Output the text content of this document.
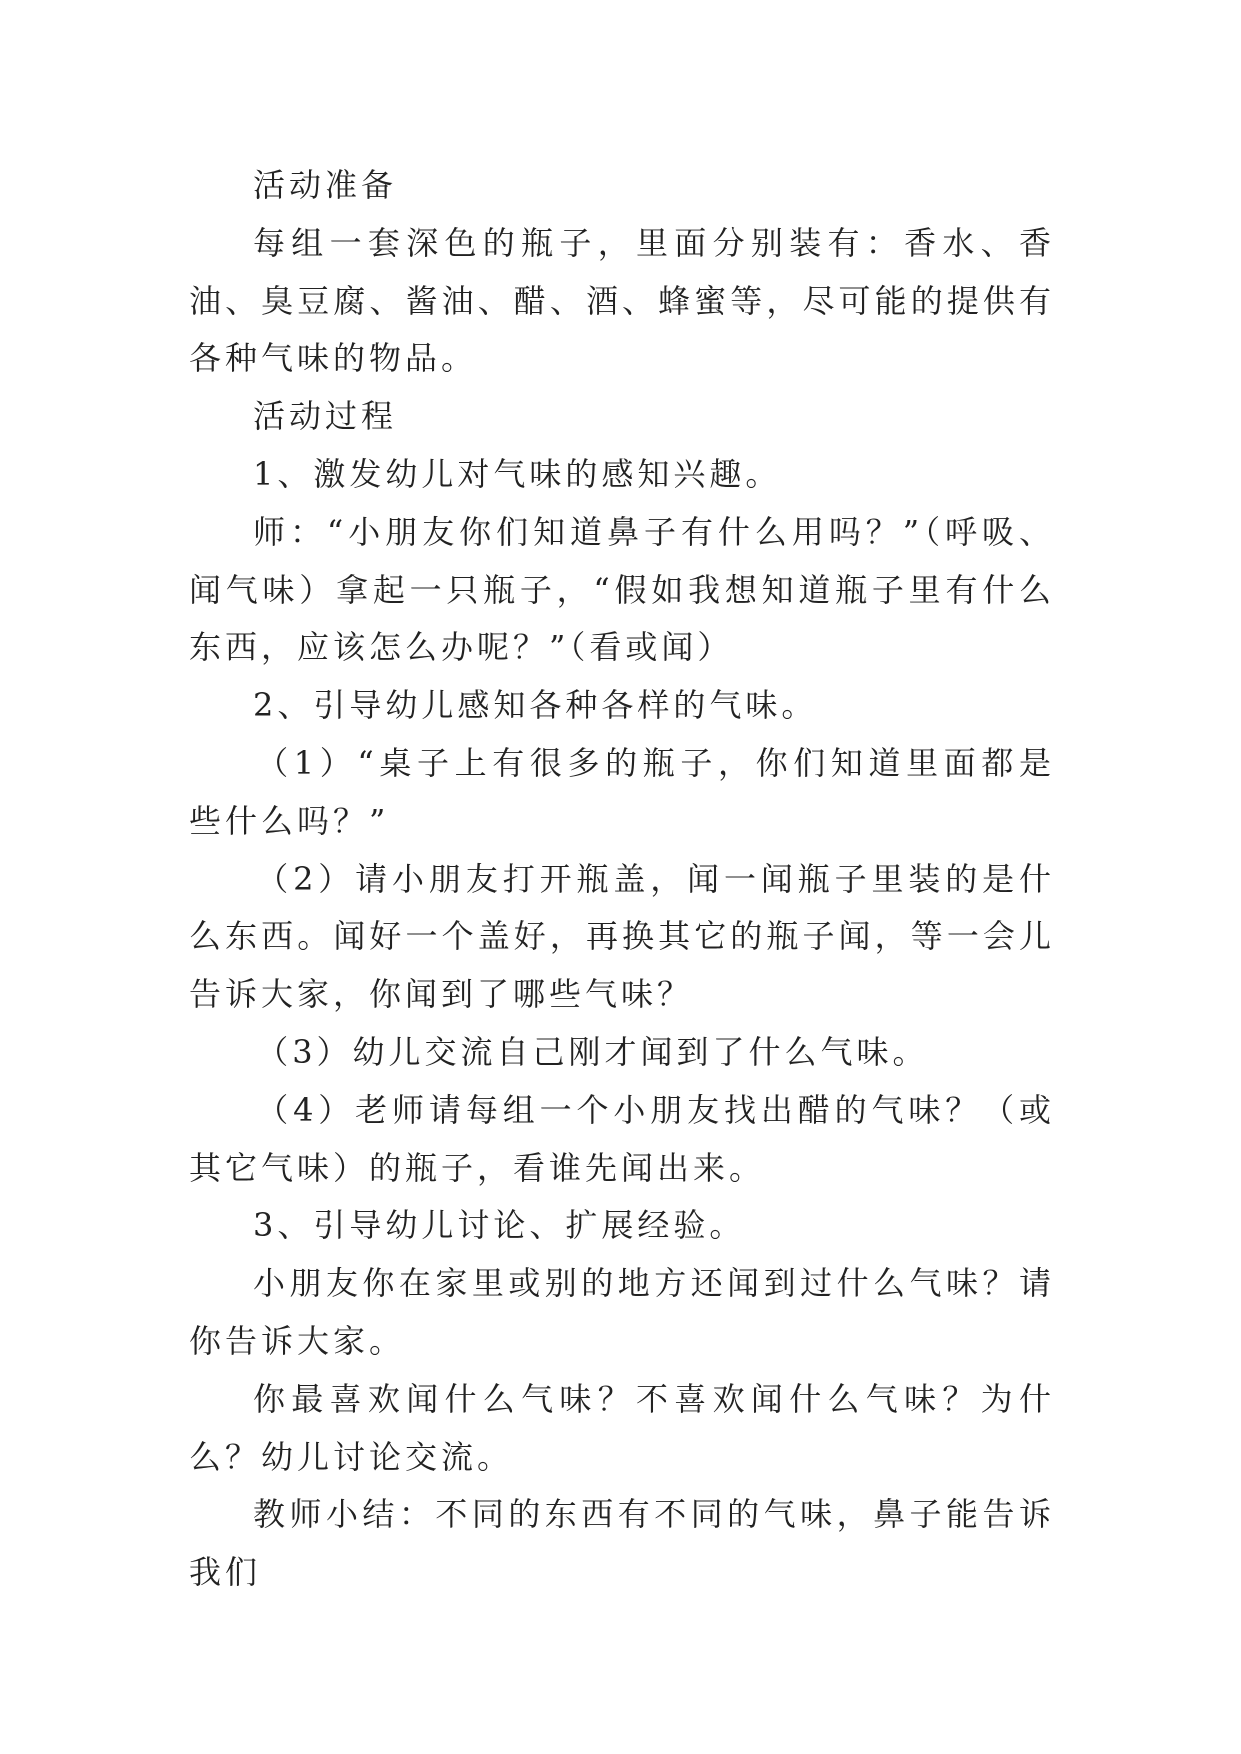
活动准备

每组一套深色的瓶子，里面分别装有：香水、香油、臭豆腐、酱油、醋、酒、蜂蜜等，尽可能的提供有各种气味的物品。

活动过程

1、激发幼儿对气味的感知兴趣。

师：“小朋友你们知道鼻子有什么用吗？”（呼吸、闻气味）拿起一只瓶子，“假如我想知道瓶子里有什么东西，应该怎么办呢？”（看或闻）

2、引导幼儿感知各种各样的气味。

（1）“桌子上有很多的瓶子，你们知道里面都是些什么吗？”

（2）请小朋友打开瓶盖，闻一闻瓶子里装的是什么东西。闻好一个盖好，再换其它的瓶子闻，等一会儿告诉大家，你闻到了哪些气味？

（3）幼儿交流自己刚才闻到了什么气味。

（4）老师请每组一个小朋友找出醋的气味？（或其它气味）的瓶子，看谁先闻出来。

3、引导幼儿讨论、扩展经验。

小朋友你在家里或别的地方还闻到过什么气味？请你告诉大家。

你最喜欢闻什么气味？不喜欢闻什么气味？为什么？幼儿讨论交流。

教师小结：不同的东西有不同的气味，鼻子能告诉我们
